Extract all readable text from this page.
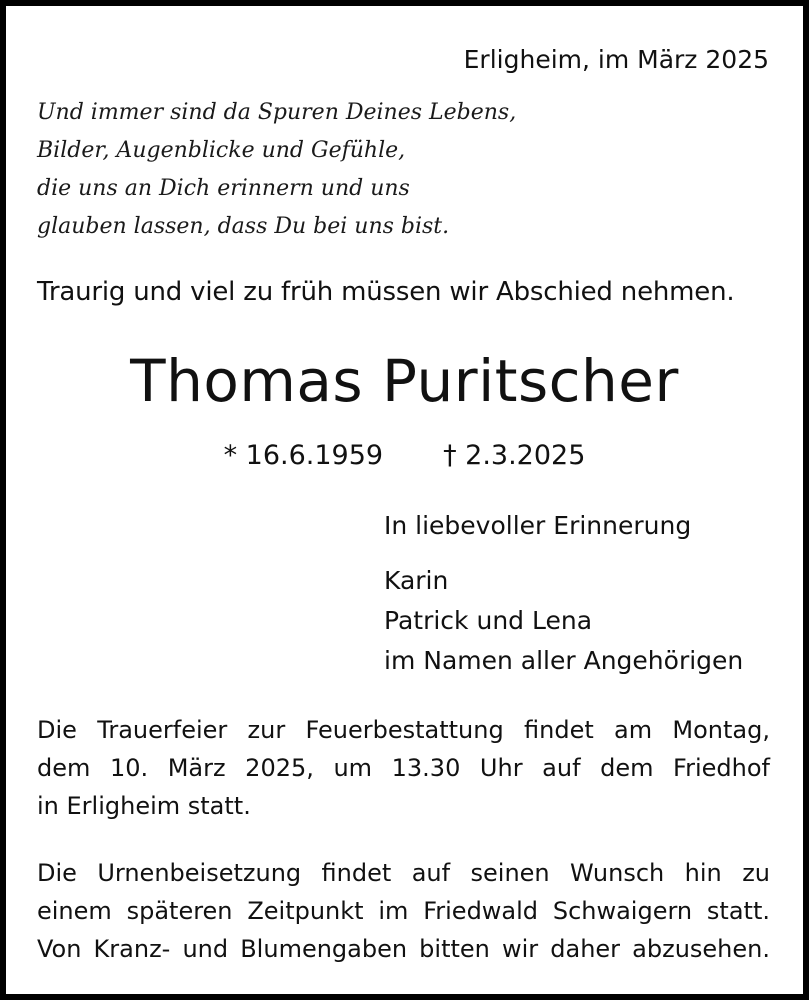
Erligheim, im März 2025
Und immer sind da Spuren Deines Lebens,
Bilder, Augenblicke und Gefühle,
die uns an Dich erinnern und uns
glauben lassen, dass Du bei uns bist.
Traurig und viel zu früh müssen wir Abschied nehmen.
Thomas Puritscher
* 16.6.1959 † 2.3.2025
In liebevoller Erinnerung
Karin
Patrick und Lena
im Namen aller Angehörigen
Die Trauerfeier zur Feuerbestattung findet am Montag,
dem 10. März 2025, um 13.30 Uhr auf dem Friedhof
in Erligheim statt.
Die Urnenbeisetzung findet auf seinen Wunsch hin zu
einem späteren Zeitpunkt im Friedwald Schwaigern statt.
Von Kranz- und Blumengaben bitten wir daher abzusehen.
